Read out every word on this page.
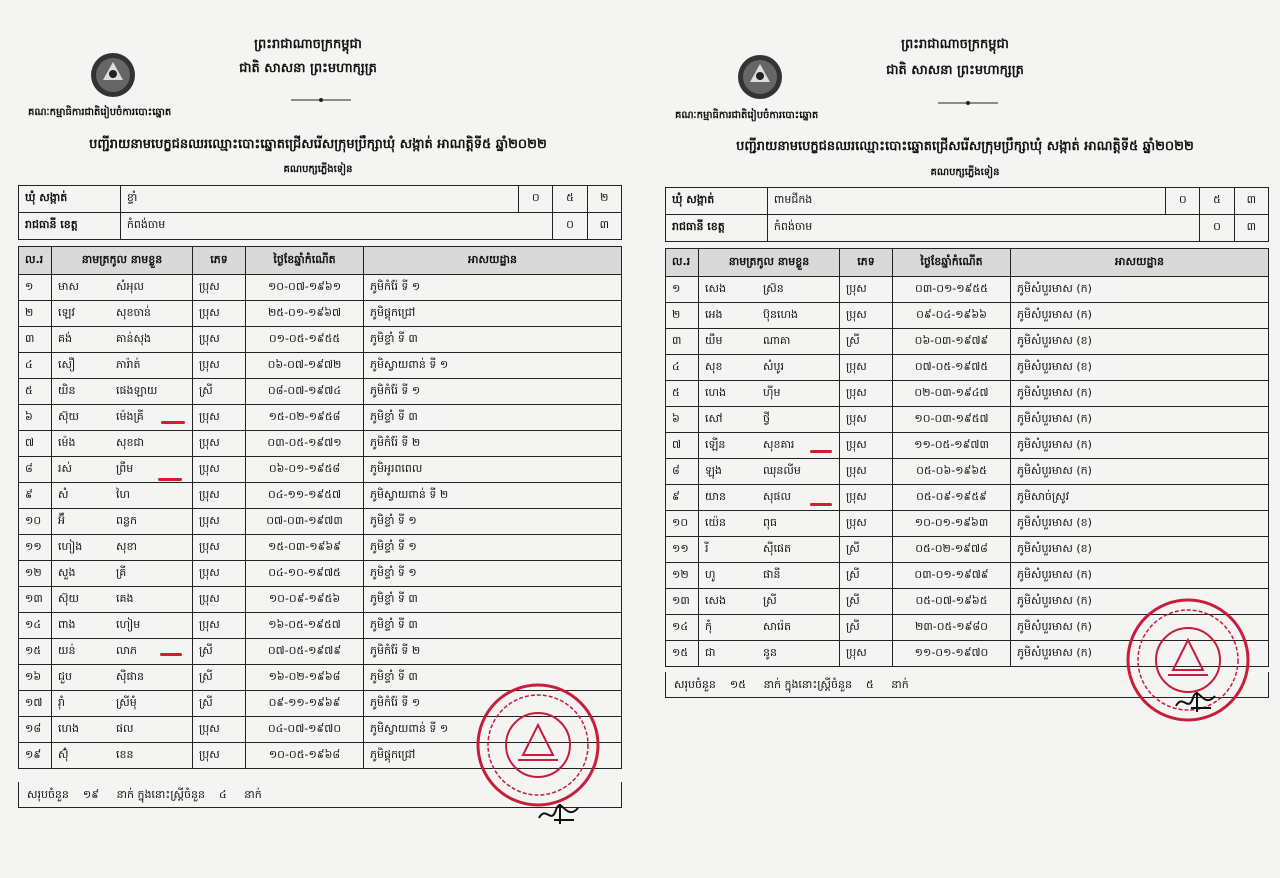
ព្រះរាជាណាចក្រកម្ពុជា
ជាតិ សាសនា ព្រះមហាក្សត្រ
គណៈកម្មាធិការជាតិរៀបចំការបោះឆ្នោត
បញ្ជីរាយនាមបេក្ខជនឈរឈ្មោះបោះឆ្នោតជ្រើសរើសក្រុមប្រឹក្សាឃុំ សង្កាត់ អាណត្តិទី៥ ឆ្នាំ២០២២
គណបក្សភ្លើងទៀន
ឃុំ សង្កាត់	ខ្ទាំ	០	៥	២
រាជធានី ខេត្ត	កំពង់ចាម		០	៣
ល.រ	នាមត្រកូល នាមខ្លួន	ភេទ	ថ្ងៃខែឆ្នាំកំណើត	អាសយដ្ឋាន
១	មាស សំអុល	ប្រុស	១០-០៧-១៩៦១	ភូមិកំរ៉ែ ទី ១
២	ឡេវ សុខចាន់	ប្រុស	២៥-០១-១៩៦៧	ភូមិផ្គុកជ្រៅ
៣	គង់ គាន់សុង	ប្រុស	០១-០៥-១៩៥៥	ភូមិខ្ទាំ ទី ៣
៤	សឿ ភារ៉ាត់	ប្រុស	០៦-០៧-១៩៧២	ភូមិស្វាយពាន់ ទី ១
៥	យិន ផេងឡាយ	ស្រី	០៨-០៧-១៩៧៤	ភូមិកំរ៉ែ ទី ១
៦	ស៊ុយ ម៉េងគ្រី	ប្រុស	១៥-០២-១៩៥៨	ភូមិខ្ទាំ ទី ៣
៧	ម៉េង សុខជា	ប្រុស	០៣-០៥-១៩៧១	ភូមិកំរ៉ែ ទី ២
៨	រស់ ព្រឹម	ប្រុស	០៦-០១-១៩៥៨	ភូមិអូរពពេល
៩	សំ ហៃ	ប្រុស	០៤-១១-១៩៥៧	ភូមិស្វាយពាន់ ទី ២
១០	អ៊ឹ ពន្លក	ប្រុស	០៧-០៣-១៩៧៣	ភូមិខ្ទាំ ទី ១
១១	ហៀង សុខា	ប្រុស	១៥-០៣-១៩៦៩	ភូមិខ្ទាំ ទី ១
១២	សួង គ្រី	ប្រុស	០៤-១០-១៩៧៥	ភូមិខ្ទាំ ទី ១
១៣	ស៊ុយ គេង	ប្រុស	១០-០៩-១៩៥៦	ភូមិខ្ទាំ ទី ៣
១៤	ពាង ហៀម	ប្រុស	១៦-០៥-១៩៥៧	ភូមិខ្ទាំ ទី ៣
១៥	យន់ លាភ	ស្រី	០៧-០៥-១៩៧៩	ភូមិកំរ៉ែ ទី ២
១៦	ជួប ស៊ីផាន	ស្រី	១៦-០២-១៩៦៨	ភូមិខ្ទាំ ទី ៣
១៧	រ៉ាំ ស្រីមុំ	ស្រី	០៩-១១-១៩៦៩	ភូមិកំរ៉ែ ទី ១
១៨	ហេង ផល	ប្រុស	០៤-០៧-១៩៧០	ភូមិស្វាយពាន់ ទី ១
១៩	ស៊ុំ ខេន	ប្រុស	១០-០៥-១៩៦៨	ភូមិផ្គុកជ្រៅ
សរុបចំនួន ១៩ នាក់ ក្នុងនោះស្ត្រីចំនួន ៤ នាក់
ព្រះរាជាណាចក្រកម្ពុជា
ជាតិ សាសនា ព្រះមហាក្សត្រ
គណៈកម្មាធិការជាតិរៀបចំការបោះឆ្នោត
បញ្ជីរាយនាមបេក្ខជនឈរឈ្មោះបោះឆ្នោតជ្រើសរើសក្រុមប្រឹក្សាឃុំ សង្កាត់ អាណត្តិទី៥ ឆ្នាំ២០២២
គណបក្សភ្លើងទៀន
ឃុំ សង្កាត់	ពាមជីកង	០	៥	៣
រាជធានី ខេត្ត	កំពង់ចាម		០	៣
ល.រ	នាមត្រកូល នាមខ្លួន	ភេទ	ថ្ងៃខែឆ្នាំកំណើត	អាសយដ្ឋាន
១	សេង ស្រ៊ន	ប្រុស	០៣-០១-១៩៥៥	ភូមិសំបួរមាស (ក)
២	អេង ប៊ុនហេង	ប្រុស	០៩-០៤-១៩៦៦	ភូមិសំបួរមាស (ក)
៣	យឹម ណាគា	ស្រី	០៦-០៣-១៩៧៩	ភូមិសំបួរមាស (ខ)
៤	សុខ សំបូរ	ប្រុស	០៧-០៥-១៩៧៥	ភូមិសំបួរមាស (ខ)
៥	ហេង ហ៊ីម	ប្រុស	០២-០៣-១៩៤៧	ភូមិសំបួរមាស (ក)
៦	សៅ ថ្វី	ប្រុស	១០-០៣-១៩៥៧	ភូមិសំបួរមាស (ក)
៧	ឡើន សុខគារ	ប្រុស	១១-០៥-១៩៧៣	ភូមិសំបួរមាស (ក)
៨	ឡុង ឈុនលីម	ប្រុស	០៥-០៦-១៩៦៥	ភូមិសំបួរមាស (ក)
៩	យាន សុផល	ប្រុស	០៥-០៩-១៩៥៩	ភូមិសាច់ស្រូវ
១០	យ៉េន ពុធ	ប្រុស	១០-០១-១៩៦៣	ភូមិសំបួរមាស (ខ)
១១	រី ស៊ីផេត	ស្រី	០៥-០២-១៩៧៨	ភូមិសំបួរមាស (ខ)
១២	ហូ ផានី	ស្រី	០៣-០១-១៩៧៩	ភូមិសំបួរមាស (ក)
១៣	សេង ស្រី	ស្រី	០៥-០៧-១៩៦៥	ភូមិសំបួរមាស (ក)
១៤	កុំ សារ៉េត	ស្រី	២៣-០៥-១៩៨០	ភូមិសំបួរមាស (ក)
១៥	ជា នូន	ប្រុស	១១-០១-១៩៧០	ភូមិសំបួរមាស (ក)
សរុបចំនួន ១៥ នាក់ ក្នុងនោះស្ត្រីចំនួន ៥ នាក់
